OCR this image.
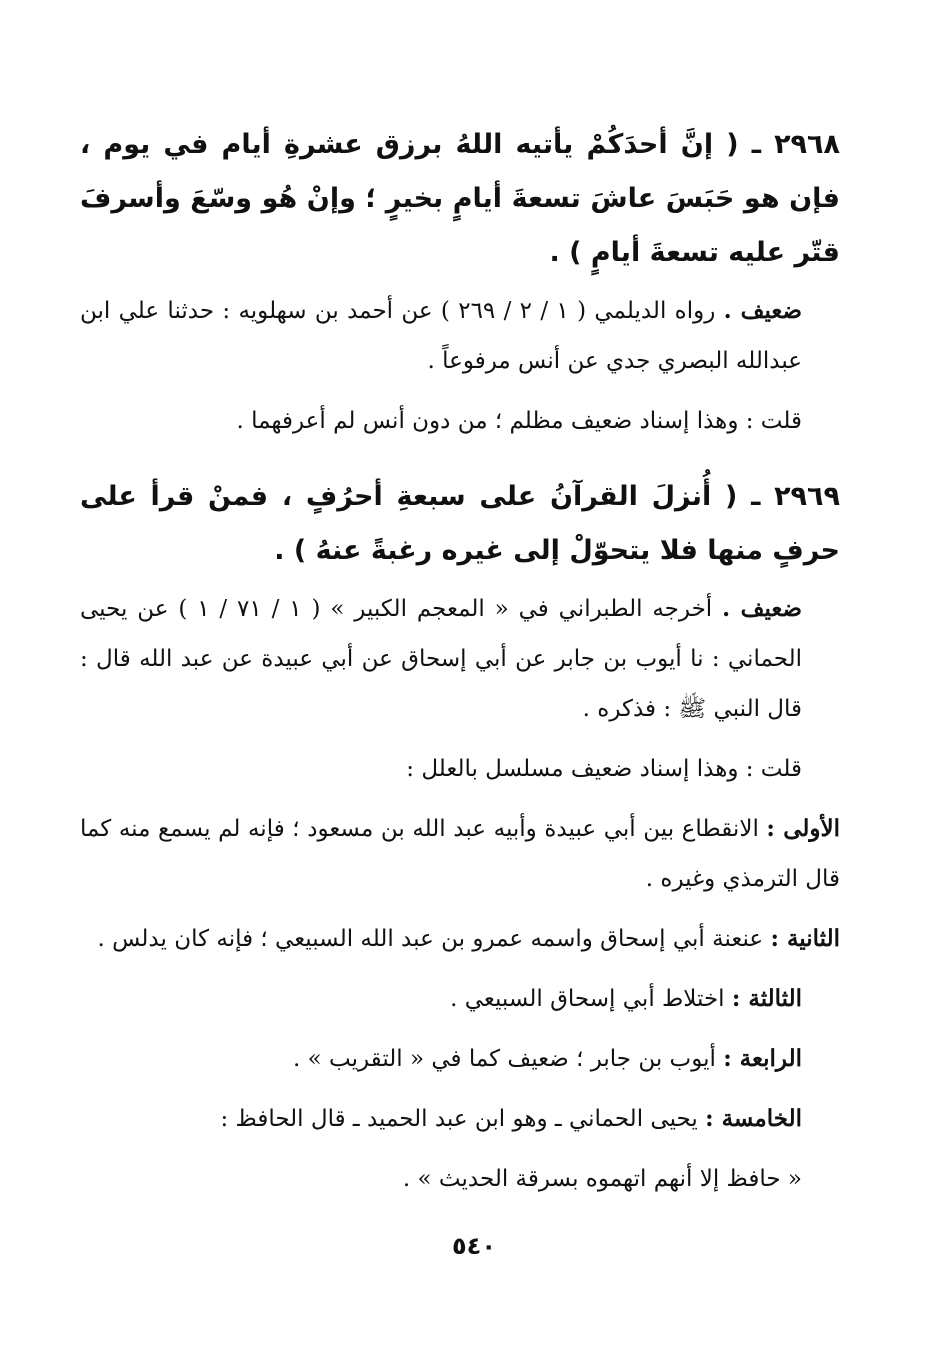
٢٩٦٨ ـ ( إنَّ أحدَكُمْ يأتيه اللهُ برزق عشرةِ أيام في يوم ، فإن هو حَبَسَ عاشَ تسعةَ أيامٍ بخيرٍ ؛ وإنْ هُو وسّعَ وأسرفَ قتّر عليه تسعةَ أيامٍ ) .

ضعيف . رواه الديلمي ( ١ / ٢ / ٢٦٩ ) عن أحمد بن سهلويه : حدثنا علي ابن عبدالله البصري جدي عن أنس مرفوعاً .

قلت : وهذا إسناد ضعيف مظلم ؛ من دون أنس لم أعرفهما .

٢٩٦٩ ـ ( أُنزلَ القرآنُ على سبعةِ أحرُفٍ ، فمنْ قرأ على حرفٍ منها فلا يتحوّلْ إلى غيره رغبةً عنهُ ) .

ضعيف . أخرجه الطبراني في « المعجم الكبير » ( ١ / ٧١ / ١ ) عن يحيى الحماني : نا أيوب بن جابر عن أبي إسحاق عن أبي عبيدة عن عبد الله قال : قال النبي ﷺ : فذكره .

قلت : وهذا إسناد ضعيف مسلسل بالعلل :

الأولى : الانقطاع بين أبي عبيدة وأبيه عبد الله بن مسعود ؛ فإنه لم يسمع منه كما قال الترمذي وغيره .

الثانية : عنعنة أبي إسحاق واسمه عمرو بن عبد الله السبيعي ؛ فإنه كان يدلس .

الثالثة : اختلاط أبي إسحاق السبيعي .

الرابعة : أيوب بن جابر ؛ ضعيف كما في « التقريب » .

الخامسة : يحيى الحماني ـ وهو ابن عبد الحميد ـ قال الحافظ :

« حافظ إلا أنهم اتهموه بسرقة الحديث » .

٥٤٠
